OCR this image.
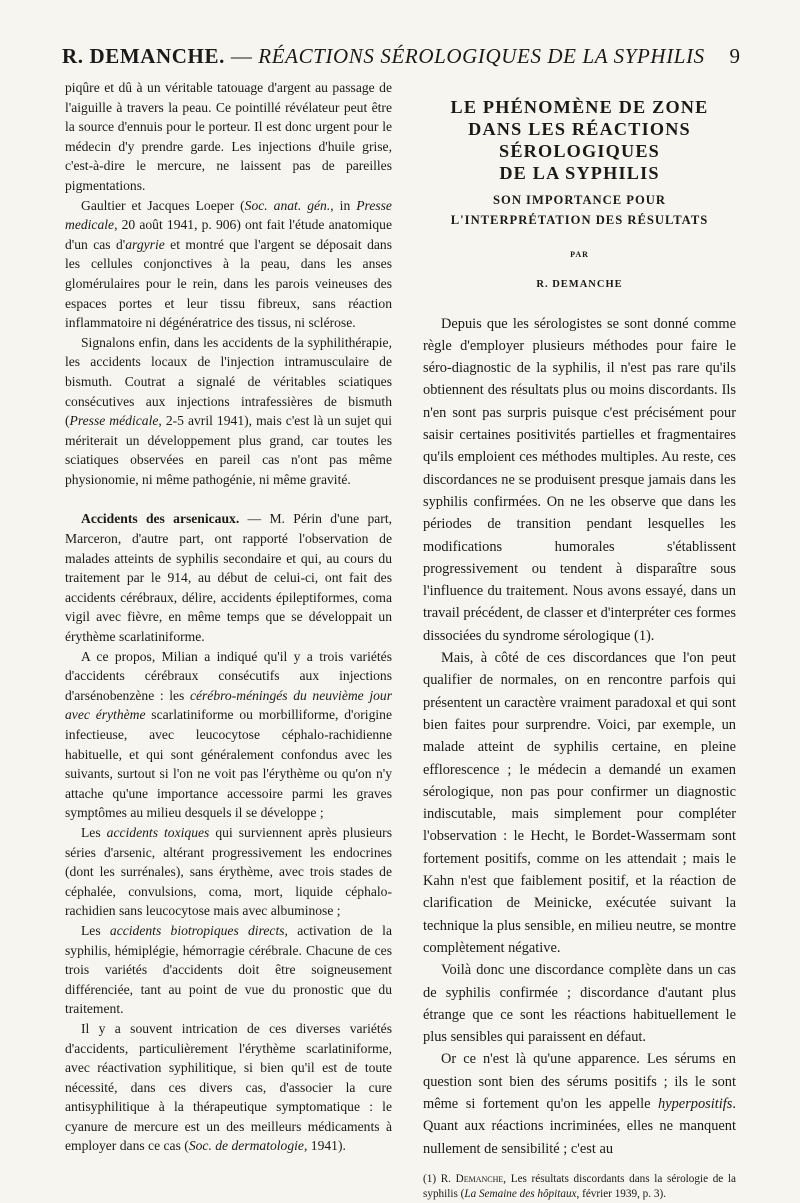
R. DEMANCHE. — RÉACTIONS SÉROLOGIQUES DE LA SYPHILIS 9

piqûre et dû à un véritable tatouage d'argent au passage de l'aiguille à travers la peau. Ce pointillé révélateur peut être la source d'ennuis pour le porteur. Il est donc urgent pour le médecin d'y prendre garde. Les injections d'huile grise, c'est-à-dire le mercure, ne laissent pas de pareilles pigmentations.

Gaultier et Jacques Loeper (Soc. anat. gén., in Presse medicale, 20 août 1941, p. 906) ont fait l'étude anatomique d'un cas d'argyrie et montré que l'argent se déposait dans les cellules conjonctives à la peau, dans les anses glomérulaires pour le rein, dans les parois veineuses des espaces portes et leur tissu fibreux, sans réaction inflammatoire ni dégénératrice des tissus, ni sclérose.

Signalons enfin, dans les accidents de la syphilithérapie, les accidents locaux de l'injection intramusculaire de bismuth. Coutrat a signalé de véritables sciatiques consécutives aux injections intrafessières de bismuth (Presse médicale, 2-5 avril 1941), mais c'est là un sujet qui mériterait un développement plus grand, car toutes les sciatiques observées en pareil cas n'ont pas même physionomie, ni même pathogénie, ni même gravité.

Accidents des arsenicaux. — M. Périn d'une part, Marceron, d'autre part, ont rapporté l'observation de malades atteints de syphilis secondaire et qui, au cours du traitement par le 914, au début de celui-ci, ont fait des accidents cérébraux, délire, accidents épileptiformes, coma vigil avec fièvre, en même temps que se développait un érythème scarlatiniforme.

A ce propos, Milian a indiqué qu'il y a trois variétés d'accidents cérébraux consécutifs aux injections d'arsénobenzène : les cérébro-méningés du neuvième jour avec érythème scarlatiniforme ou morbilliforme, d'origine infectieuse, avec leucocytose céphalo-rachidienne habituelle, et qui sont généralement confondus avec les suivants, surtout si l'on ne voit pas l'érythème ou qu'on n'y attache qu'une importance accessoire parmi les graves symptômes au milieu desquels il se développe ;

Les accidents toxiques qui surviennent après plusieurs séries d'arsenic, altérant progressivement les endocrines (dont les surrénales), sans érythème, avec trois stades de céphalée, convulsions, coma, mort, liquide céphalo-rachidien sans leucocytose mais avec albuminose ;

Les accidents biotropiques directs, activation de la syphilis, hémiplégie, hémorragie cérébrale. Chacune de ces trois variétés d'accidents doit être soigneusement différenciée, tant au point de vue du pronostic que du traitement.

Il y a souvent intrication de ces diverses variétés d'accidents, particulièrement l'érythème scarlatiniforme, avec réactivation syphilitique, si bien qu'il est de toute nécessité, dans ces divers cas, d'associer la cure antisyphilitique à la thérapeutique symptomatique : le cyanure de mercure est un des meilleurs médicaments à employer dans ce cas (Soc. de dermatologie, 1941).

LE PHÉNOMÈNE DE ZONE
DANS LES RÉACTIONS
SÉROLOGIQUES
DE LA SYPHILIS
SON IMPORTANCE POUR
L'INTERPRÉTATION DES RÉSULTATS
PAR
R. DEMANCHE

Depuis que les sérologistes se sont donné comme règle d'employer plusieurs méthodes pour faire le séro-diagnostic de la syphilis, il n'est pas rare qu'ils obtiennent des résultats plus ou moins discordants. Ils n'en sont pas surpris puisque c'est précisément pour saisir certaines positivités partielles et fragmentaires qu'ils emploient ces méthodes multiples. Au reste, ces discordances ne se produisent presque jamais dans les syphilis confirmées. On ne les observe que dans les périodes de transition pendant lesquelles les modifications humorales s'établissent progressivement ou tendent à disparaître sous l'influence du traitement. Nous avons essayé, dans un travail précédent, de classer et d'interpréter ces formes dissociées du syndrome sérologique (1).

Mais, à côté de ces discordances que l'on peut qualifier de normales, on en rencontre parfois qui présentent un caractère vraiment paradoxal et qui sont bien faites pour surprendre. Voici, par exemple, un malade atteint de syphilis certaine, en pleine efflorescence ; le médecin a demandé un examen sérologique, non pas pour confirmer un diagnostic indiscutable, mais simplement pour compléter l'observation : le Hecht, le Bordet-Wassermam sont fortement positifs, comme on les attendait ; mais le Kahn n'est que faiblement positif, et la réaction de clarification de Meinicke, exécutée suivant la technique la plus sensible, en milieu neutre, se montre complètement négative.

Voilà donc une discordance complète dans un cas de syphilis confirmée ; discordance d'autant plus étrange que ce sont les réactions habituellement le plus sensibles qui paraissent en défaut.

Or ce n'est là qu'une apparence. Les sérums en question sont bien des sérums positifs ; ils le sont même si fortement qu'on les appelle hyperpositifs. Quant aux réactions incriminées, elles ne manquent nullement de sensibilité ; c'est au

(1) R. Demanche, Les résultats discordants dans la sérologie de la syphilis (La Semaine des hôpitaux, février 1939, p. 3).
